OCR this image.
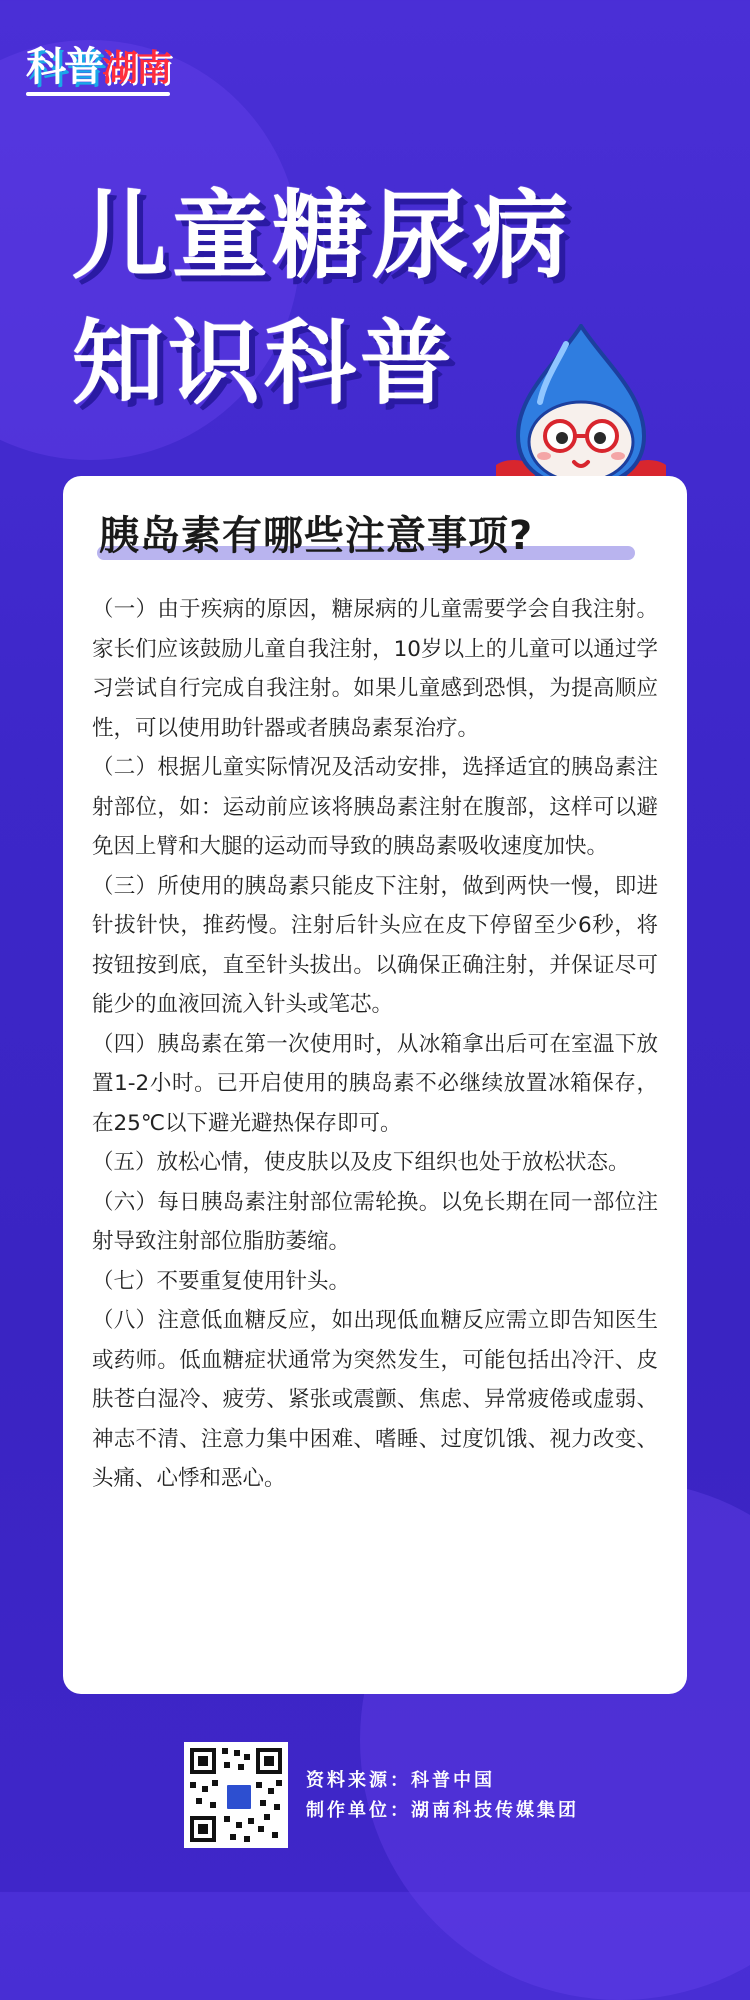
科普湖南
儿童糖尿病
知识科普
胰岛素有哪些注意事项?

（一）由于疾病的原因，糖尿病的儿童需要学会自我注射。家长们应该鼓励儿童自我注射，10岁以上的儿童可以通过学习尝试自行完成自我注射。如果儿童感到恐惧，为提高顺应性，可以使用助针器或者胰岛素泵治疗。

（二）根据儿童实际情况及活动安排，选择适宜的胰岛素注射部位，如：运动前应该将胰岛素注射在腹部，这样可以避免因上臂和大腿的运动而导致的胰岛素吸收速度加快。

（三）所使用的胰岛素只能皮下注射，做到两快一慢，即进针拔针快，推药慢。注射后针头应在皮下停留至少6秒，将按钮按到底，直至针头拔出。以确保正确注射，并保证尽可能少的血液回流入针头或笔芯。

（四）胰岛素在第一次使用时，从冰箱拿出后可在室温下放置1-2小时。已开启使用的胰岛素不必继续放置冰箱保存，在25℃以下避光避热保存即可。

（五）放松心情，使皮肤以及皮下组织也处于放松状态。

（六）每日胰岛素注射部位需轮换。以免长期在同一部位注射导致注射部位脂肪萎缩。

（七）不要重复使用针头。

（八）注意低血糖反应，如出现低血糖反应需立即告知医生或药师。低血糖症状通常为突然发生，可能包括出冷汗、皮肤苍白湿冷、疲劳、紧张或震颤、焦虑、异常疲倦或虚弱、神志不清、注意力集中困难、嗜睡、过度饥饿、视力改变、头痛、心悸和恶心。

资料来源：科普中国
制作单位：湖南科技传媒集团
